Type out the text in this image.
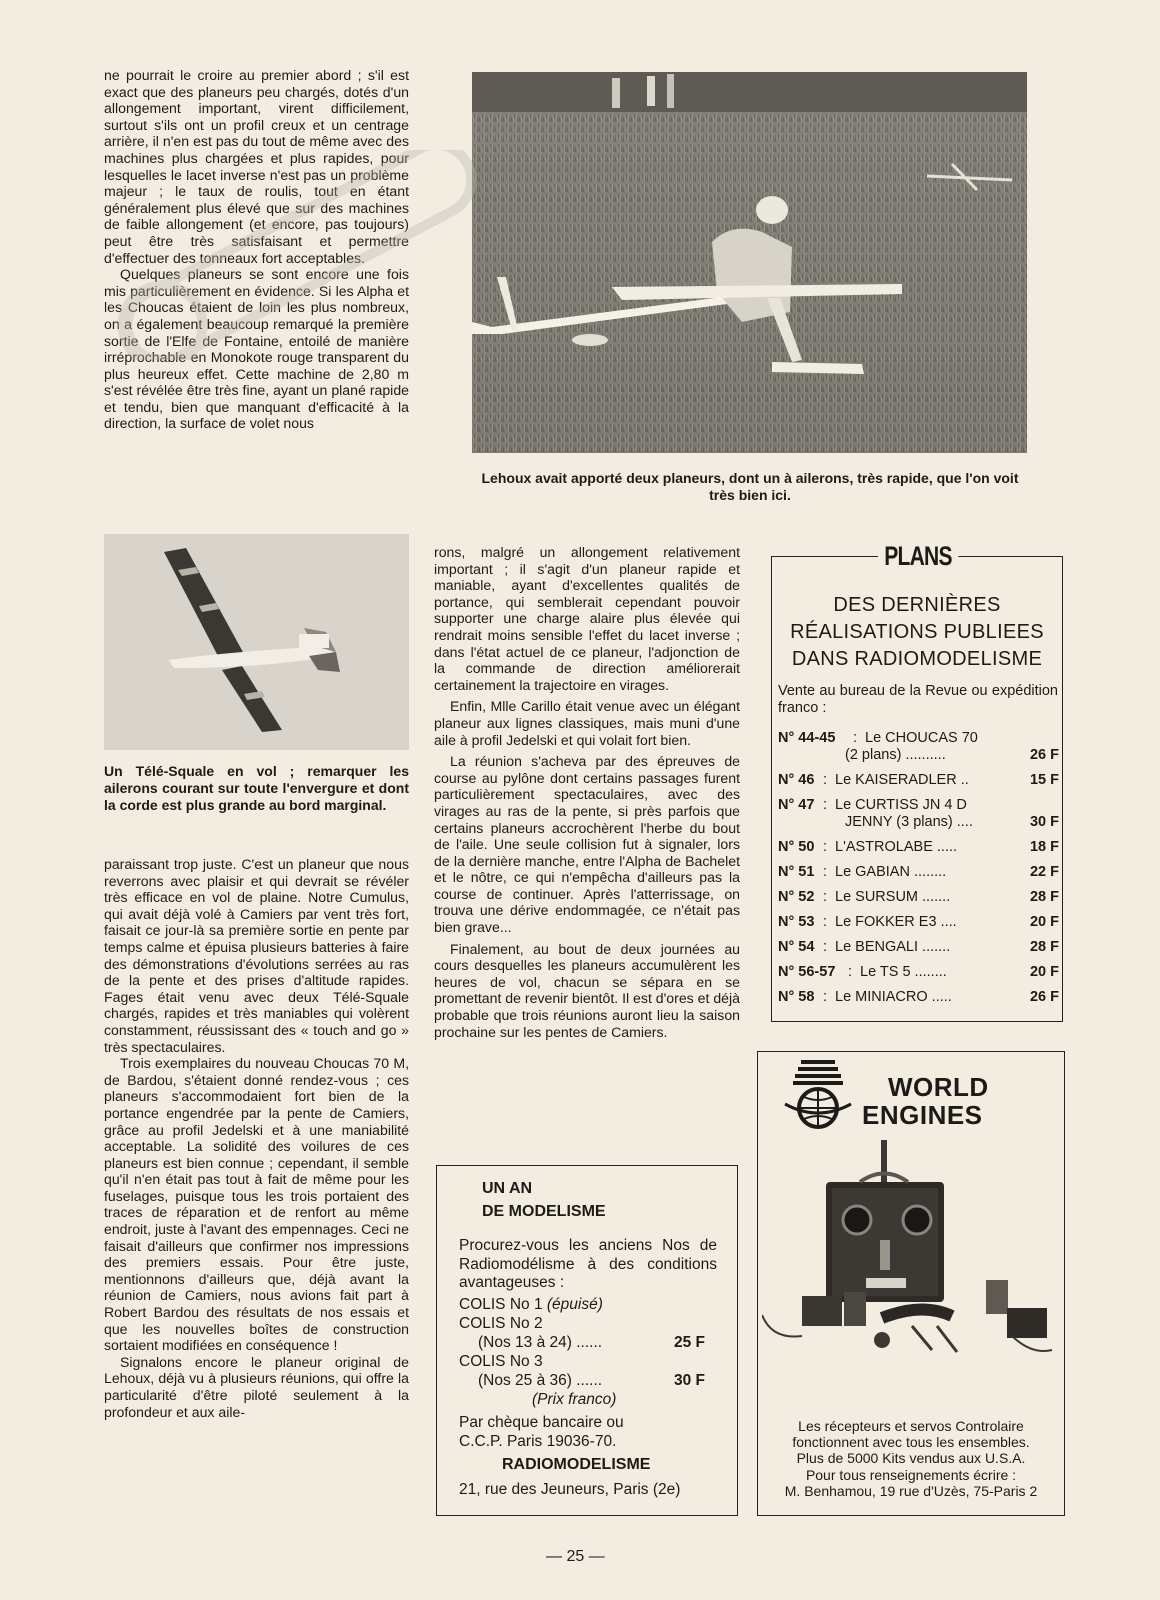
ne pourrait le croire au premier abord ; s'il est exact que des planeurs peu chargés, dotés d'un allongement important, virent difficilement, surtout s'ils ont un profil creux et un centrage arrière, il n'en est pas du tout de même avec des machines plus chargées et plus rapides, pour lesquelles le lacet inverse n'est pas un problème majeur ; le taux de roulis, tout en étant généralement plus élevé que sur des machines de faible allongement (et encore, pas toujours) peut être très satisfaisant et permettre d'effectuer des tonneaux fort acceptables.

Quelques planeurs se sont encore une fois mis particulièrement en évidence. Si les Alpha et les Choucas étaient de loin les plus nombreux, on a également beaucoup remarqué la première sortie de l'Elfe de Fontaine, entoilé de manière irréprochable en Monokote rouge transparent du plus heureux effet. Cette machine de 2,80 m s'est révélée être très fine, ayant un plané rapide et tendu, bien que manquant d'efficacité à la direction, la surface de volet nous

Lehoux avait apporté deux planeurs, dont un à ailerons, très rapide, que l'on voit très bien ici.

Un Télé-Squale en vol ; remarquer les ailerons courant sur toute l'envergure et dont la corde est plus grande au bord marginal.

paraissant trop juste. C'est un planeur que nous reverrons avec plaisir et qui devrait se révéler très efficace en vol de plaine. Notre Cumulus, qui avait déjà volé à Camiers par vent très fort, faisait ce jour-là sa première sortie en pente par temps calme et épuisa plusieurs batteries à faire des démonstrations d'évolutions serrées au ras de la pente et des prises d'altitude rapides. Fages était venu avec deux Télé-Squale chargés, rapides et très maniables qui volèrent constamment, réussissant des « touch and go » très spectaculaires.

Trois exemplaires du nouveau Choucas 70 M, de Bardou, s'étaient donné rendez-vous ; ces planeurs s'accommodaient fort bien de la portance engendrée par la pente de Camiers, grâce au profil Jedelski et à une maniabilité acceptable. La solidité des voilures de ces planeurs est bien connue ; cependant, il semble qu'il n'en était pas tout à fait de même pour les fuselages, puisque tous les trois portaient des traces de réparation et de renfort au même endroit, juste à l'avant des empennages. Ceci ne faisait d'ailleurs que confirmer nos impressions des premiers essais. Pour être juste, mentionnons d'ailleurs que, déjà avant la réunion de Camiers, nous avions fait part à Robert Bardou des résultats de nos essais et que les nouvelles boîtes de construction sortaient modifiées en conséquence !

Signalons encore le planeur original de Lehoux, déjà vu à plusieurs réunions, qui offre la particularité d'être piloté seulement à la profondeur et aux aile-

rons, malgré un allongement relativement important ; il s'agit d'un planeur rapide et maniable, ayant d'excellentes qualités de portance, qui semblerait cependant pouvoir supporter une charge alaire plus élevée qui rendrait moins sensible l'effet du lacet inverse ; dans l'état actuel de ce planeur, l'adjonction de la commande de direction améliorerait certainement la trajectoire en virages.

Enfin, Mlle Carillo était venue avec un élégant planeur aux lignes classiques, mais muni d'une aile à profil Jedelski et qui volait fort bien.

La réunion s'acheva par des épreuves de course au pylône dont certains passages furent particulièrement spectaculaires, avec des virages au ras de la pente, si près parfois que certains planeurs accrochèrent l'herbe du bout de l'aile. Une seule collision fut à signaler, lors de la dernière manche, entre l'Alpha de Bachelet et le nôtre, ce qui n'empêcha d'ailleurs pas la course de continuer. Après l'atterrissage, on trouva une dérive endommagée, ce n'était pas bien grave...

Finalement, au bout de deux journées au cours desquelles les planeurs accumulèrent les heures de vol, chacun se sépara en se promettant de revenir bientôt. Il est d'ores et déjà probable que trois réunions auront lieu la saison prochaine sur les pentes de Camiers.

PLANS
DES DERNIÈRES
RÉALISATIONS PUBLIEES
DANS RADIOMODELISME
Vente au bureau de la Revue ou expédition franco :
N° 44-45 : Le CHOUCAS 70
(2 plans) ..........	26 F
N° 46 : Le KAISERADLER ..	15 F
N° 47 : Le CURTISS JN 4 D
JENNY (3 plans) ....	30 F
N° 50 : L'ASTROLABE .....	18 F
N° 51 : Le GABIAN ........	22 F
N° 52 : Le SURSUM .......	28 F
N° 53 : Le FOKKER E3 ....	20 F
N° 54 : Le BENGALI .......	28 F
N° 56-57 : Le TS 5 ........	20 F
N° 58 : Le MINIACRO .....	26 F
UN AN
DE MODELISME
Procurez-vous les anciens Nos de Radiomodélisme à des conditions avantageuses :
COLIS No 1 (épuisé)
COLIS No 2
(Nos 13 à 24) ......	25 F
COLIS No 3
(Nos 25 à 36) ......	30 F
(Prix franco)
Par chèque bancaire ou
C.C.P. Paris 19036-70.
RADIOMODELISME
21, rue des Jeuneurs, Paris (2e)
WORLD
ENGINES
Les récepteurs et servos Controlaire
fonctionnent avec tous les ensembles.
Plus de 5000 Kits vendus aux U.S.A.
Pour tous renseignements écrire :
M. Benhamou, 19 rue d'Uzès, 75-Paris 2
— 25 —
